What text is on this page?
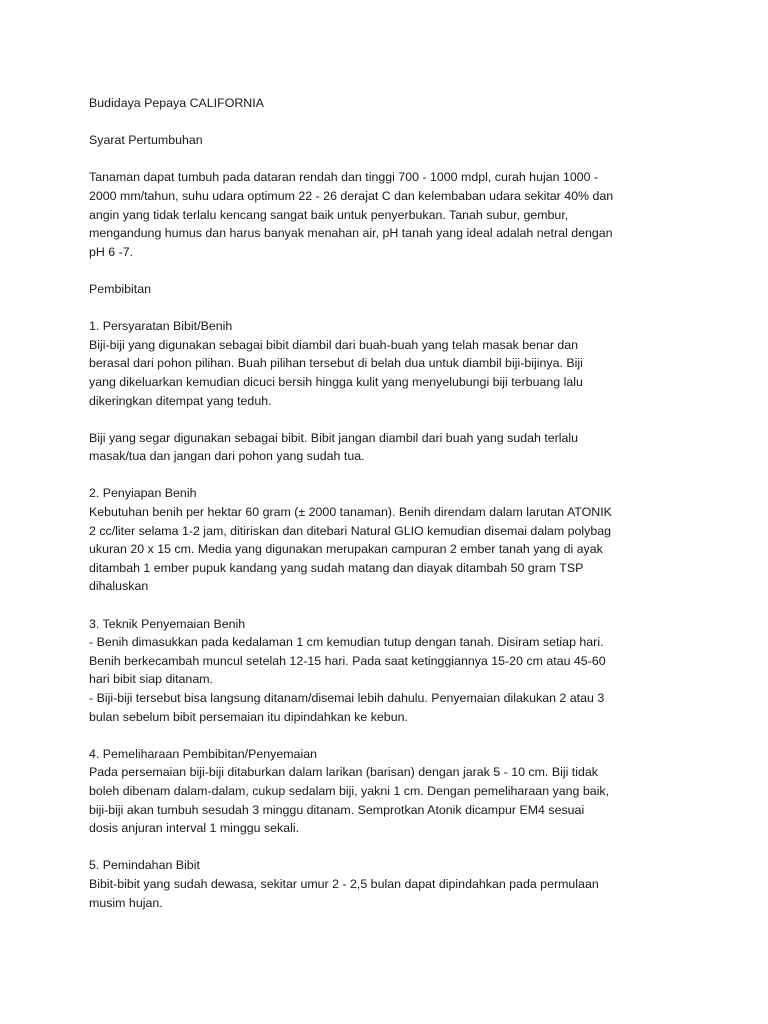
Budidaya Pepaya CALIFORNIA
Syarat Pertumbuhan
Tanaman dapat tumbuh pada dataran rendah dan tinggi 700 - 1000 mdpl, curah hujan 1000 -
2000 mm/tahun, suhu udara optimum 22 - 26 derajat C dan kelembaban udara sekitar 40% dan
angin yang tidak terlalu kencang sangat baik untuk penyerbukan. Tanah subur, gembur,
mengandung humus dan harus banyak menahan air, pH tanah yang ideal adalah netral dengan
pH 6 -7.
Pembibitan
1. Persyaratan Bibit/Benih
Biji-biji yang digunakan sebagai bibit diambil dari buah-buah yang telah masak benar dan
berasal dari pohon pilihan. Buah pilihan tersebut di belah dua untuk diambil biji-bijinya. Biji
yang dikeluarkan kemudian dicuci bersih hingga kulit yang menyelubungi biji terbuang lalu
dikeringkan ditempat yang teduh.
Biji yang segar digunakan sebagai bibit. Bibit jangan diambil dari buah yang sudah terlalu
masak/tua dan jangan dari pohon yang sudah tua.
2. Penyiapan Benih
Kebutuhan benih per hektar 60 gram (± 2000 tanaman). Benih direndam dalam larutan ATONIK
2 cc/liter selama 1-2 jam, ditiriskan dan ditebari Natural GLIO kemudian disemai dalam polybag
ukuran 20 x 15 cm. Media yang digunakan merupakan campuran 2 ember tanah yang di ayak
ditambah 1 ember pupuk kandang yang sudah matang dan diayak ditambah 50 gram TSP
dihaluskan
3. Teknik Penyemaian Benih
- Benih dimasukkan pada kedalaman 1 cm kemudian tutup dengan tanah. Disiram setiap hari.
Benih berkecambah muncul setelah 12-15 hari. Pada saat ketinggiannya 15-20 cm atau 45-60
hari bibit siap ditanam.
- Biji-biji tersebut bisa langsung ditanam/disemai lebih dahulu. Penyemaian dilakukan 2 atau 3
bulan sebelum bibit persemaian itu dipindahkan ke kebun.
4. Pemeliharaan Pembibitan/Penyemaian
Pada persemaian biji-biji ditaburkan dalam larikan (barisan) dengan jarak 5 - 10 cm. Biji tidak
boleh dibenam dalam-dalam, cukup sedalam biji, yakni 1 cm. Dengan pemeliharaan yang baik,
biji-biji akan tumbuh sesudah 3 minggu ditanam. Semprotkan Atonik dicampur EM4 sesuai
dosis anjuran interval 1 minggu sekali.
5. Pemindahan Bibit
Bibit-bibit yang sudah dewasa, sekitar umur 2 - 2,5 bulan dapat dipindahkan pada permulaan
musim hujan.
